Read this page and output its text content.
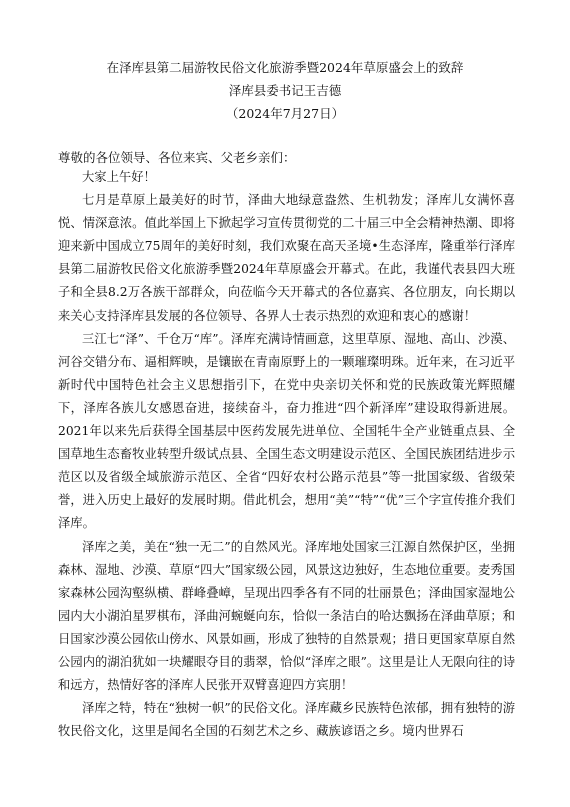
在泽库县第二届游牧民俗文化旅游季暨2024年草原盛会上的致辞
泽库县委书记王吉德
（2024年7月27日）
尊敬的各位领导、各位来宾、父老乡亲们：

大家上午好！

七月是草原上最美好的时节，泽曲大地绿意盎然、生机勃发；泽库儿女满怀喜悦、情深意浓。值此举国上下掀起学习宣传贯彻党的二十届三中全会精神热潮、即将迎来新中国成立75周年的美好时刻，我们欢聚在高天圣境•生态泽库，隆重举行泽库县第二届游牧民俗文化旅游季暨2024年草原盛会开幕式。在此，我谨代表县四大班子和全县8.2万各族干部群众，向莅临今天开幕式的各位嘉宾、各位朋友，向长期以来关心支持泽库县发展的各位领导、各界人士表示热烈的欢迎和衷心的感谢！

三江七“泽”、千仓万“库”。泽库充满诗情画意，这里草原、湿地、高山、沙漠、河谷交错分布、逼相辉映，是镶嵌在青南原野上的一颗璀璨明珠。近年来，在习近平新时代中国特色社会主义思想指引下，在党中央亲切关怀和党的民族政策光辉照耀下，泽库各族儿女感恩奋进，接续奋斗，奋力推进“四个新泽库”建设取得新进展。2021年以来先后获得全国基层中医药发展先进单位、全国牦牛全产业链重点县、全国草地生态畜牧业转型升级试点县、全国生态文明建设示范区、全国民族团结进步示范区以及省级全域旅游示范区、全省“四好农村公路示范县”等一批国家级、省级荣誉，进入历史上最好的发展时期。借此机会，想用“美”“特”“优”三个字宣传推介我们泽库。

泽库之美，美在“独一无二”的自然风光。泽库地处国家三江源自然保护区，坐拥森林、湿地、沙漠、草原“四大”国家级公园，风景这边独好，生态地位重要。麦秀国家森林公园沟壑纵横、群峰叠嶂，呈现出四季各有不同的壮丽景色；泽曲国家湿地公园内大小湖泊星罗棋布，泽曲河蜿蜒向东，恰似一条洁白的哈达飘扬在泽曲草原；和日国家沙漠公园依山傍水、风景如画，形成了独特的自然景观；措日更国家草原自然公园内的湖泊犹如一块耀眼夺目的翡翠，恰似“泽库之眼”。这里是让人无限向往的诗和远方，热情好客的泽库人民张开双臂喜迎四方宾朋！

泽库之特，特在“独树一帜”的民俗文化。泽库藏乡民族特色浓郁，拥有独特的游牧民俗文化，这里是闻名全国的石刻艺术之乡、藏族谚语之乡。境内世界石
